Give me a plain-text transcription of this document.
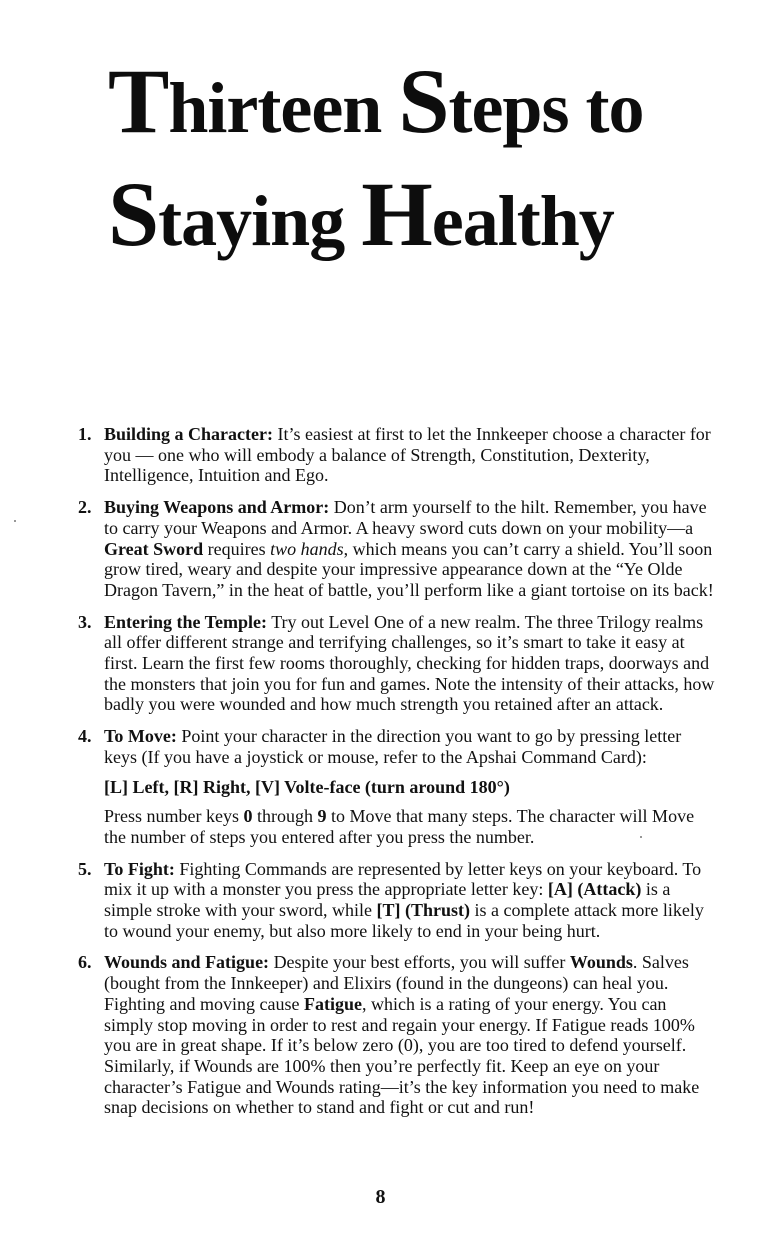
Thirteen Steps to
Staying Healthy
1. Building a Character: It’s easiest at first to let the Innkeeper choose a character for you — one who will embody a balance of Strength, Constitution, Dexterity, Intelligence, Intuition and Ego.
2. Buying Weapons and Armor: Don’t arm yourself to the hilt. Remember, you have to carry your Weapons and Armor. A heavy sword cuts down on your mobility—a Great Sword requires two hands, which means you can’t carry a shield. You’ll soon grow tired, weary and despite your impressive appearance down at the “Ye Olde Dragon Tavern,” in the heat of battle, you’ll perform like a giant tortoise on its back!
3. Entering the Temple: Try out Level One of a new realm. The three Trilogy realms all offer different strange and terrifying challenges, so it’s smart to take it easy at first. Learn the first few rooms thoroughly, checking for hidden traps, doorways and the monsters that join you for fun and games. Note the intensity of their attacks, how badly you were wounded and how much strength you retained after an attack.
4. To Move: Point your character in the direction you want to go by pressing letter keys (If you have a joystick or mouse, refer to the Apshai Command Card):
[L] Left, [R] Right, [V] Volte-face (turn around 180°)
Press number keys 0 through 9 to Move that many steps. The character will Move the number of steps you entered after you press the number.
5. To Fight: Fighting Commands are represented by letter keys on your keyboard. To mix it up with a monster you press the appropriate letter key: [A] (Attack) is a simple stroke with your sword, while [T] (Thrust) is a complete attack more likely to wound your enemy, but also more likely to end in your being hurt.
6. Wounds and Fatigue: Despite your best efforts, you will suffer Wounds. Salves (bought from the Innkeeper) and Elixirs (found in the dungeons) can heal you. Fighting and moving cause Fatigue, which is a rating of your energy. You can simply stop moving in order to rest and regain your energy. If Fatigue reads 100% you are in great shape. If it’s below zero (0), you are too tired to defend yourself. Similarly, if Wounds are 100% then you’re perfectly fit. Keep an eye on your character’s Fatigue and Wounds rating—it’s the key information you need to make snap decisions on whether to stand and fight or cut and run!
8
